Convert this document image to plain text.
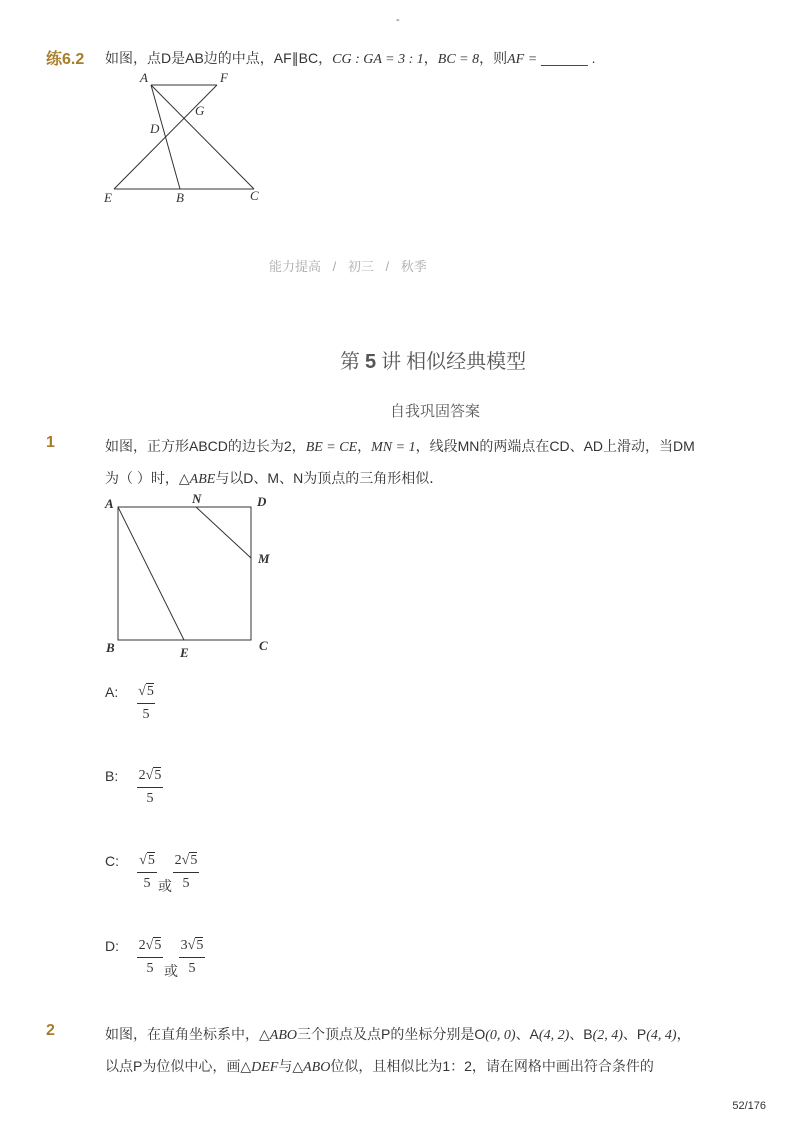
-
练6.2 如图，点D是AB边的中点，AF∥BC，CG : GA = 3 : 1，BC = 8，则AF = ______ .
A	F
G
D
E	B	C
能力提高 / 初三 / 秋季
第 5 讲 相似经典模型
自我巩固答案
1	如图，正方形ABCD的边长为2，BE = CE，MN = 1，线段MN的两端点在CD、AD上滑动，当DM
为（ ）时，△ABE与以D、M、N为顶点的三角形相似．
A	N	D
M
B	E	C
A: √5
5
B: 2√5
5
C: √5
5 或
2√5
5
D: 2√5
5 或
3√5
5
2	如图，在直角坐标系中，△ABO三个顶点及点P的坐标分别是O(0, 0)、A(4, 2)、B(2, 4)、P(4, 4)，
以点P为位似中心，画△DEF与△ABO位似，且相似比为1：2，请在网格中画出符合条件的
52/176
